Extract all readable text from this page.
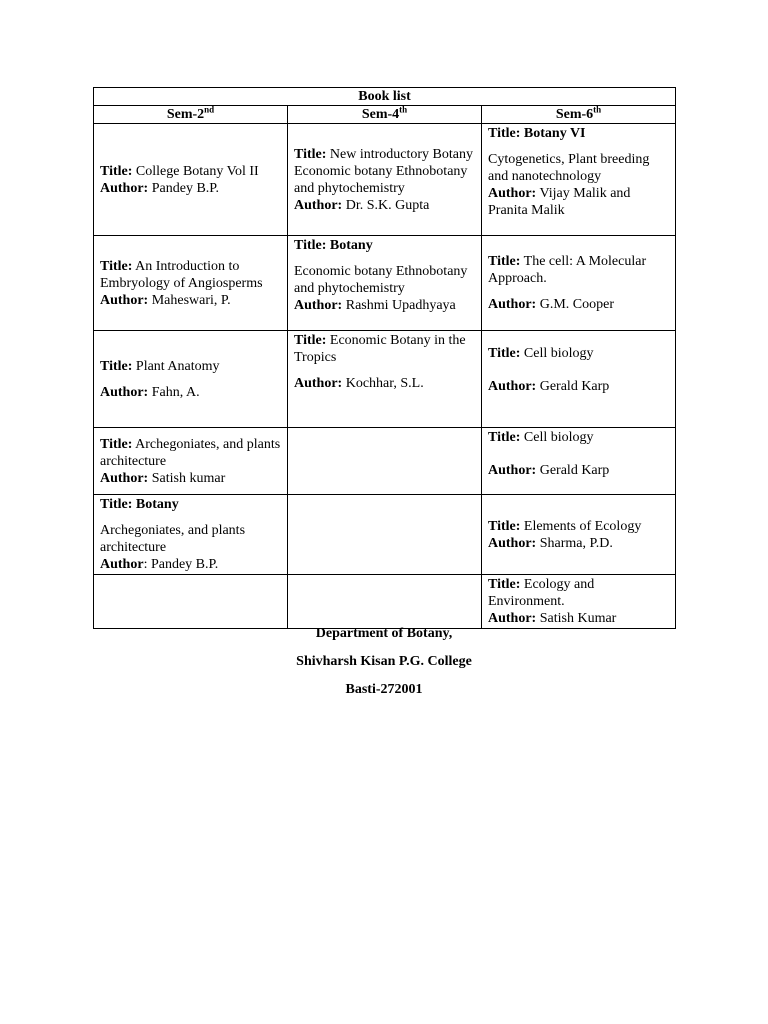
Book list		
Sem-2nd	Sem-4th	Sem-6th
Title: College Botany Vol II
Author: Pandey B.P.	Title: New introductory Botany
Economic botany Ethnobotany and phytochemistry
Author: Dr. S.K. Gupta	Title: Botany VI
Cytogenetics, Plant breeding and nanotechnology
Author: Vijay Malik and Pranita Malik
Title: An Introduction to Embryology of Angiosperms
Author: Maheswari, P.	Title: Botany
Economic botany Ethnobotany and phytochemistry
Author: Rashmi Upadhyaya	Title: The cell: A Molecular Approach.
Author: G.M. Cooper
Title: Plant Anatomy
Author: Fahn, A.	Title: Economic Botany in the Tropics
Author: Kochhar, S.L.	Title: Cell biology
Author: Gerald Karp
Title: Archegoniates, and plants architecture
Author: Satish kumar		Title: Cell biology
Author: Gerald Karp
Title: Botany
Archegoniates, and plants architecture
Author: Pandey B.P.		Title: Elements of Ecology
Author: Sharma, P.D.
		Title: Ecology and Environment.
Author: Satish Kumar
Department of Botany,
Shivharsh Kisan P.G. College
Basti-272001
